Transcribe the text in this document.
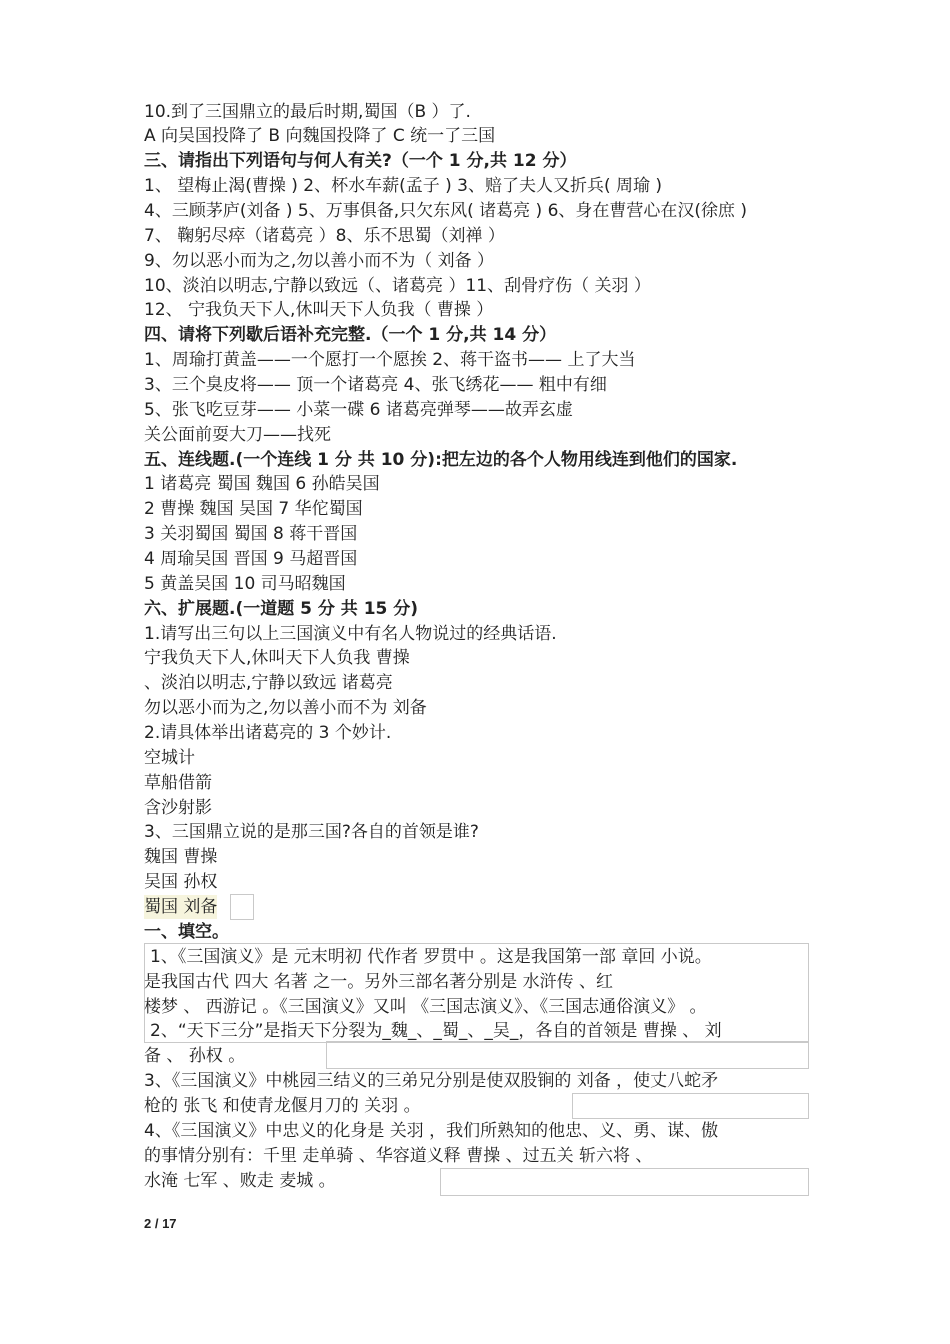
10.到了三国鼎立的最后时期,蜀国（B ）了.
A 向吴国投降了 B 向魏国投降了 C 统一了三国
三、请指出下列语句与何人有关?（一个 1 分,共 12 分）
1、 望梅止渴(曹操 ) 2、杯水车薪(孟子 ) 3、赔了夫人又折兵( 周瑜 )
4、三顾茅庐(刘备 ) 5、万事俱备,只欠东风( 诸葛亮 ) 6、身在曹营心在汉(徐庶 )
7、 鞠躬尽瘁（诸葛亮 ）8、乐不思蜀（刘禅 ）
9、勿以恶小而为之,勿以善小而不为（ 刘备 ）
10、淡泊以明志,宁静以致远（、诸葛亮 ）11、刮骨疗伤（ 关羽 ）
12、 宁我负天下人,休叫天下人负我（ 曹操 ）
四、请将下列歇后语补充完整.（一个 1 分,共 14 分）
1、周瑜打黄盖——一个愿打一个愿挨 2、蒋干盗书—— 上了大当
3、三个臭皮将—— 顶一个诸葛亮 4、张飞绣花—— 粗中有细
5、张飞吃豆芽—— 小菜一碟 6 诸葛亮弹琴——故弄玄虚
关公面前耍大刀——找死
五、连线题.(一个连线 1 分 共 10 分):把左边的各个人物用线连到他们的国家.
1 诸葛亮 蜀国 魏国 6 孙皓吴国
2 曹操 魏国 吴国 7 华佗蜀国
3 关羽蜀国 蜀国 8 蒋干晋国
4 周瑜吴国 晋国 9 马超晋国
5 黄盖吴国 10 司马昭魏国
六、扩展题.(一道题 5 分 共 15 分)
1.请写出三句以上三国演义中有名人物说过的经典话语.
宁我负天下人,休叫天下人负我 曹操
、淡泊以明志,宁静以致远 诸葛亮
勿以恶小而为之,勿以善小而不为 刘备
2.请具体举出诸葛亮的 3 个妙计.
空城计
草船借箭
含沙射影
3、三国鼎立说的是那三国?各自的首领是谁?
魏国 曹操
吴国 孙权
蜀国 刘备
一、填空。
1、《三国演义》是 元末明初 代作者 罗贯中 。这是我国第一部 章回 小说。
是我国古代 四大 名著 之一。另外三部名著分别是 水浒传 、红
楼梦 、 西游记 。《三国演义》又叫 《三国志演义》、《三国志通俗演义》 。
2、“天下三分”是指天下分裂为_魏_、_蜀_、_吴_，各自的首领是 曹操 、 刘
备 、 孙权 。
3、《三国演义》中桃园三结义的三弟兄分别是使双股锏的 刘备 ，使丈八蛇矛
枪的 张飞 和使青龙偃月刀的 关羽 。
4、《三国演义》中忠义的化身是 关羽 ，我们所熟知的他忠、义、勇、谋、傲
的事情分别有：千里 走单骑 、华容道义释 曹操 、过五关 斩六将 、
水淹 七军 、败走 麦城 。
2 / 17
